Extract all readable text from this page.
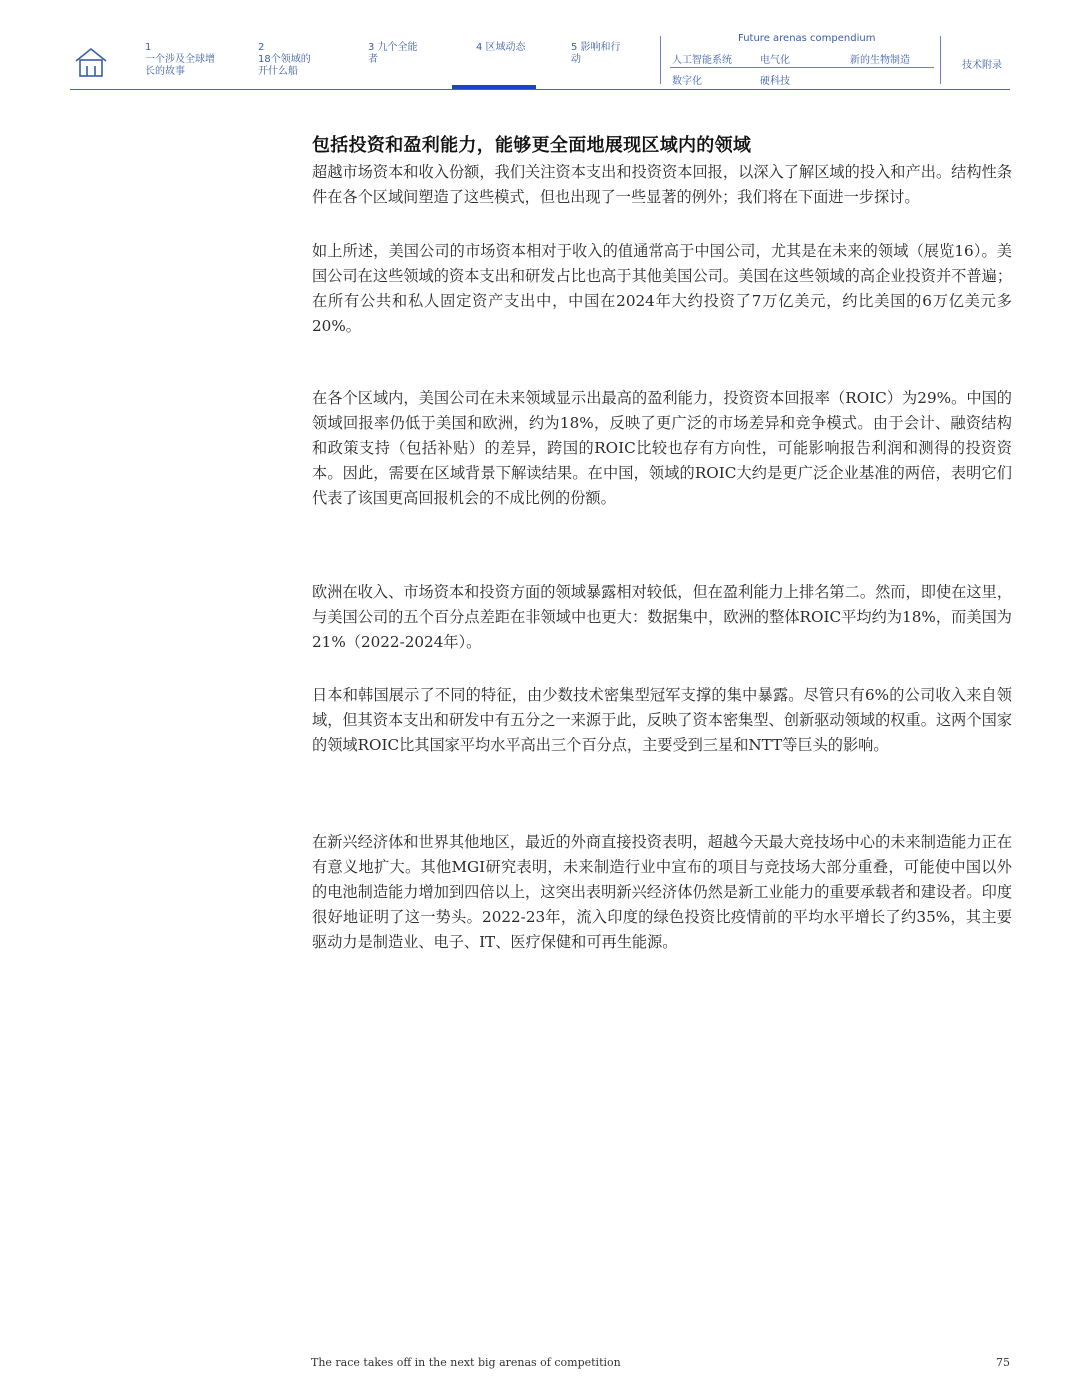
1
一个涉及全球增长的故事
2
18个领域的开什么船
3 九个全能者
4 区域动态	5 影响和行动
Future arenas compendium
人工智能系统	电气化	新的生物制造
数字化	硬科技
技术附录
包括投资和盈利能力，能够更全面地展现区域内的领域

超越市场资本和收入份额，我们关注资本支出和投资资本回报，以深入了解区域的投入和产出。结构性条件在各个区域间塑造了这些模式，但也出现了一些显著的例外；我们将在下面进一步探讨。

如上所述，美国公司的市场资本相对于收入的值通常高于中国公司，尤其是在未来的领域（展览16）。美国公司在这些领域的资本支出和研发占比也高于其他美国公司。美国在这些领域的高企业投资并不普遍；在所有公共和私人固定资产支出中，中国在2024年大约投资了7万亿美元，约比美国的6万亿美元多20%。

在各个区域内，美国公司在未来领域显示出最高的盈利能力，投资资本回报率（ROIC）为29%。中国的领域回报率仍低于美国和欧洲，约为18%，反映了更广泛的市场差异和竞争模式。由于会计、融资结构和政策支持（包括补贴）的差异，跨国的ROIC比较也存有方向性，可能影响报告利润和测得的投资资本。因此，需要在区域背景下解读结果。在中国，领域的ROIC大约是更广泛企业基准的两倍，表明它们代表了该国更高回报机会的不成比例的份额。

欧洲在收入、市场资本和投资方面的领域暴露相对较低，但在盈利能力上排名第二。然而，即使在这里，与美国公司的五个百分点差距在非领域中也更大：数据集中，欧洲的整体ROIC平均约为18%，而美国为21%（2022-2024年）。

日本和韩国展示了不同的特征，由少数技术密集型冠军支撑的集中暴露。尽管只有6%的公司收入来自领域，但其资本支出和研发中有五分之一来源于此，反映了资本密集型、创新驱动领域的权重。这两个国家的领域ROIC比其国家平均水平高出三个百分点，主要受到三星和NTT等巨头的影响。

在新兴经济体和世界其他地区，最近的外商直接投资表明，超越今天最大竞技场中心的未来制造能力正在有意义地扩大。其他MGI研究表明，未来制造行业中宣布的项目与竞技场大部分重叠，可能使中国以外的电池制造能力增加到四倍以上，这突出表明新兴经济体仍然是新工业能力的重要承载者和建设者。印度很好地证明了这一势头。2022-23年，流入印度的绿色投资比疫情前的平均水平增长了约35%，其主要驱动力是制造业、电子、IT、医疗保健和可再生能源。

The race takes off in the next big arenas of competition	75
